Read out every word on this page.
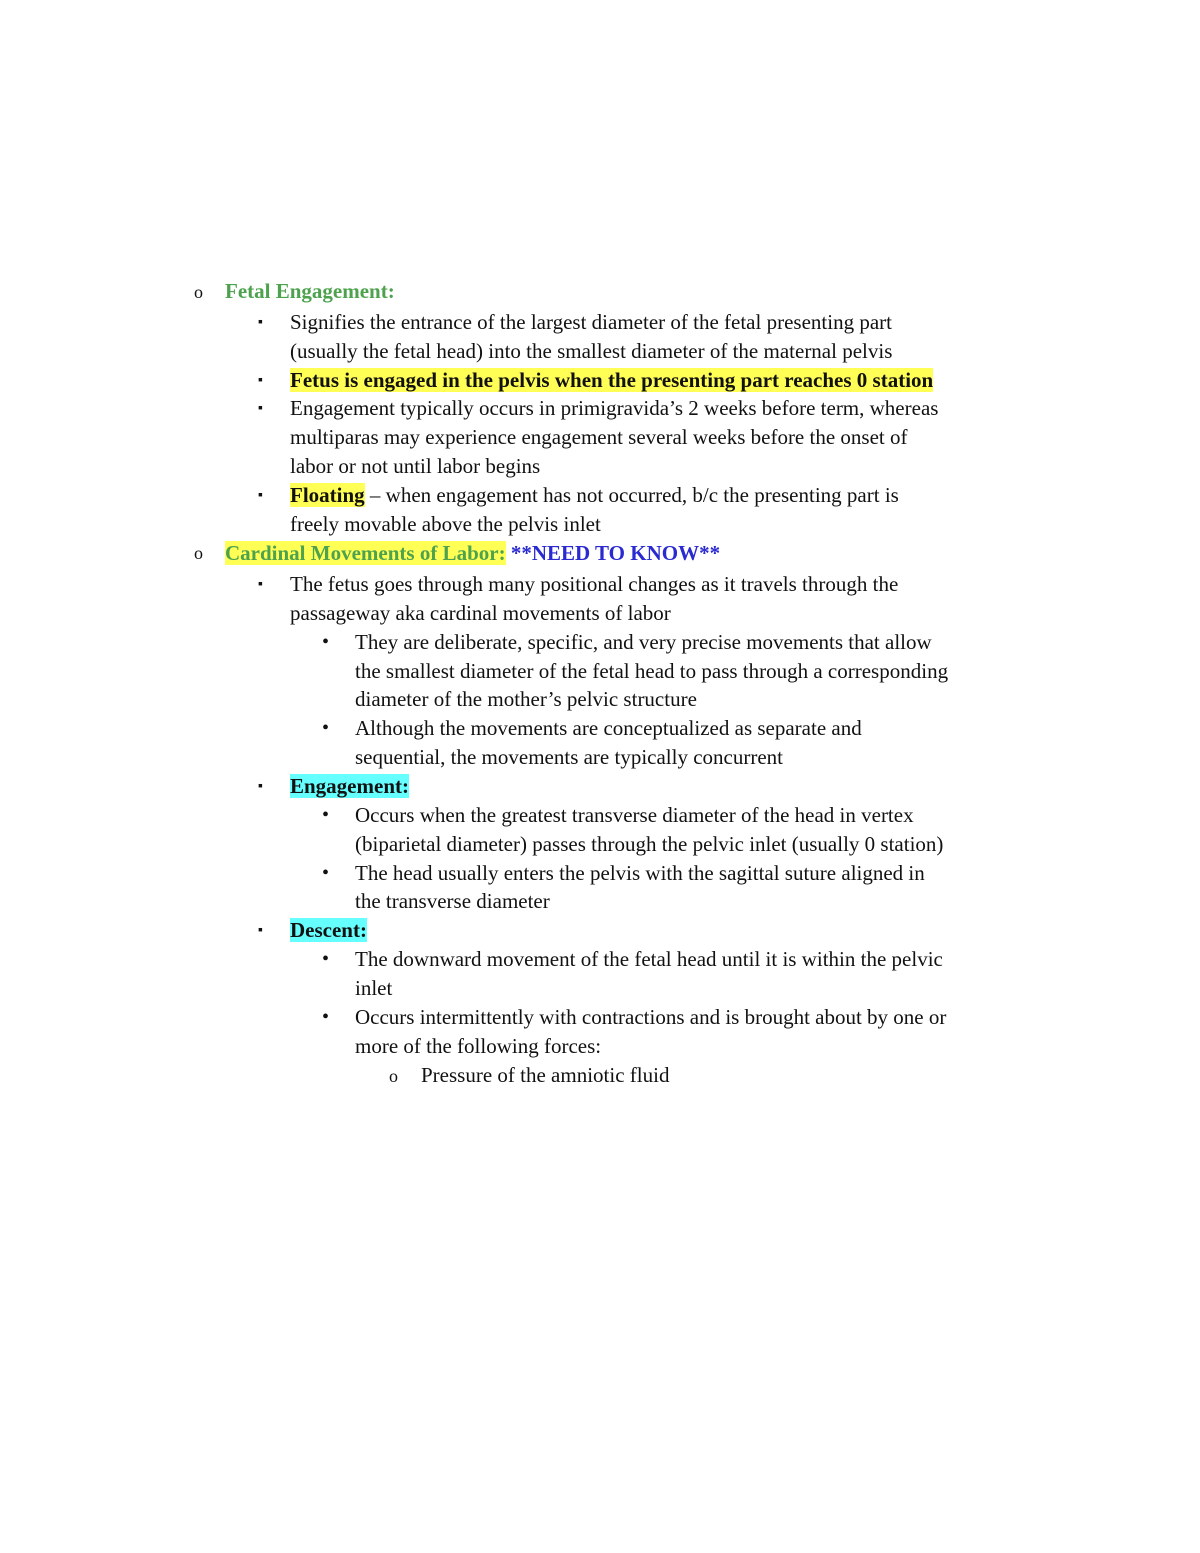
o Fetal Engagement:
▪ Signifies the entrance of the largest diameter of the fetal presenting part
(usually the fetal head) into the smallest diameter of the maternal pelvis
▪ Fetus is engaged in the pelvis when the presenting part reaches 0 station
▪ Engagement typically occurs in primigravida’s 2 weeks before term, whereas
multiparas may experience engagement several weeks before the onset of
labor or not until labor begins
▪ Floating – when engagement has not occurred, b/c the presenting part is
freely movable above the pelvis inlet
o Cardinal Movements of Labor: **NEED TO KNOW**
▪ The fetus goes through many positional changes as it travels through the
passageway aka cardinal movements of labor
• They are deliberate, specific, and very precise movements that allow
the smallest diameter of the fetal head to pass through a corresponding
diameter of the mother’s pelvic structure
• Although the movements are conceptualized as separate and
sequential, the movements are typically concurrent
▪ Engagement:
• Occurs when the greatest transverse diameter of the head in vertex
(biparietal diameter) passes through the pelvic inlet (usually 0 station)
• The head usually enters the pelvis with the sagittal suture aligned in
the transverse diameter
▪ Descent:
• The downward movement of the fetal head until it is within the pelvic
inlet
• Occurs intermittently with contractions and is brought about by one or
more of the following forces:
o Pressure of the amniotic fluid
